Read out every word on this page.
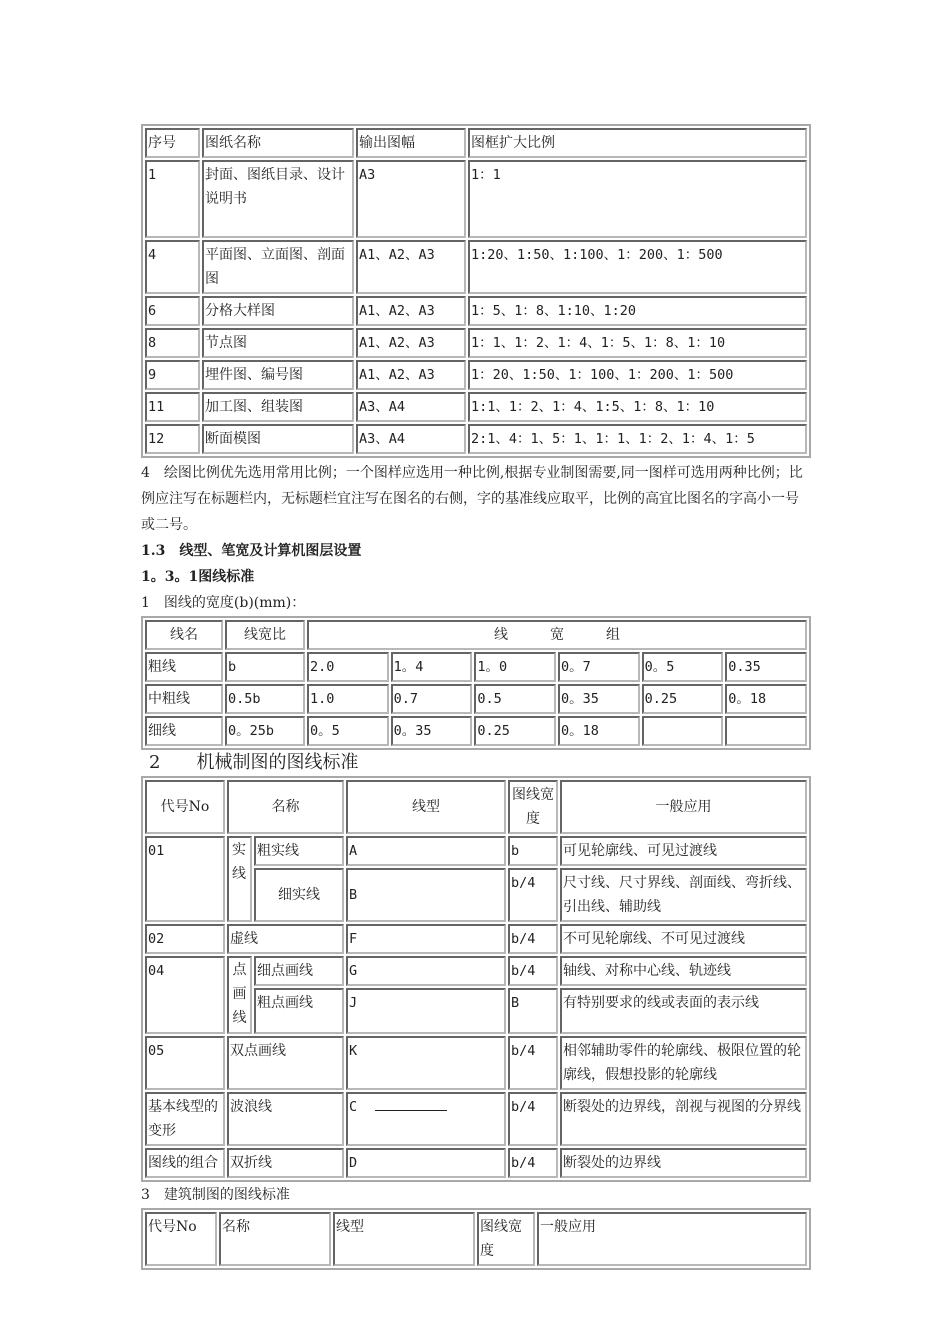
序号	图纸名称	输出图幅	图框扩大比例
1	封面、图纸目录、设计说明书	A3	1：1
4	平面图、立面图、剖面图	A1、A2、A3	1:20、1:50、1:100、1：200、1：500
6	分格大样图	A1、A2、A3	1：5、1：8、1:10、1:20
8	节点图	A1、A2、A3	1：1、1：2、1：4、1：5、1：8、1：10
9	埋件图、编号图	A1、A2、A3	1：20、1:50、1：100、1：200、1：500
11	加工图、组装图	A3、A4	1:1、1：2、1：4、1:5、1：8、1：10
12	断面模图	A3、A4	2:1、4：1、5：1、1：1、1：2、1：4、1：5

4　绘图比例优先选用常用比例；一个图样应选用一种比例,根据专业制图需要,同一图样可选用两种比例；比例应注写在标题栏内，无标题栏宜注写在图名的右侧，字的基准线应取平，比例的高宜比图名的字高小一号或二号。

1.3　线型、笔宽及计算机图层设置

1。3。1图线标准

1　图线的宽度(b)(mm)：

线名	线宽比	线　　　宽　　　组					
粗线	b	2.0	1。4	1。0	0。7	0。5	0.35
中粗线	0.5b	1.0	0.7	0.5	0。35	0.25	0。18
细线	0。25b	0。5	0。35	0.25	0。18		

2　　机械制图的图线标准

代号No	名称		线型	图线宽度	一般应用
01	实线	粗实线	A	b	可见轮廓线、可见过渡线
		细实线	B	b/4	尺寸线、尺寸界线、剖面线、弯折线、引出线、辅助线
02	虚线		F	b/4	不可见轮廓线、不可见过渡线
04	点画线	细点画线	G	b/4	轴线、对称中心线、轨迹线
		粗点画线	J	B	有特别要求的线或表面的表示线
05	双点画线		K	b/4	相邻辅助零件的轮廓线、极限位置的轮廓线，假想投影的轮廓线
基本线型的变形	波浪线		C	b/4	断裂处的边界线，剖视与视图的分界线
图线的组合	双折线		D	b/4	断裂处的边界线

3　建筑制图的图线标准

代号No	名称	线型	图线宽度	一般应用
